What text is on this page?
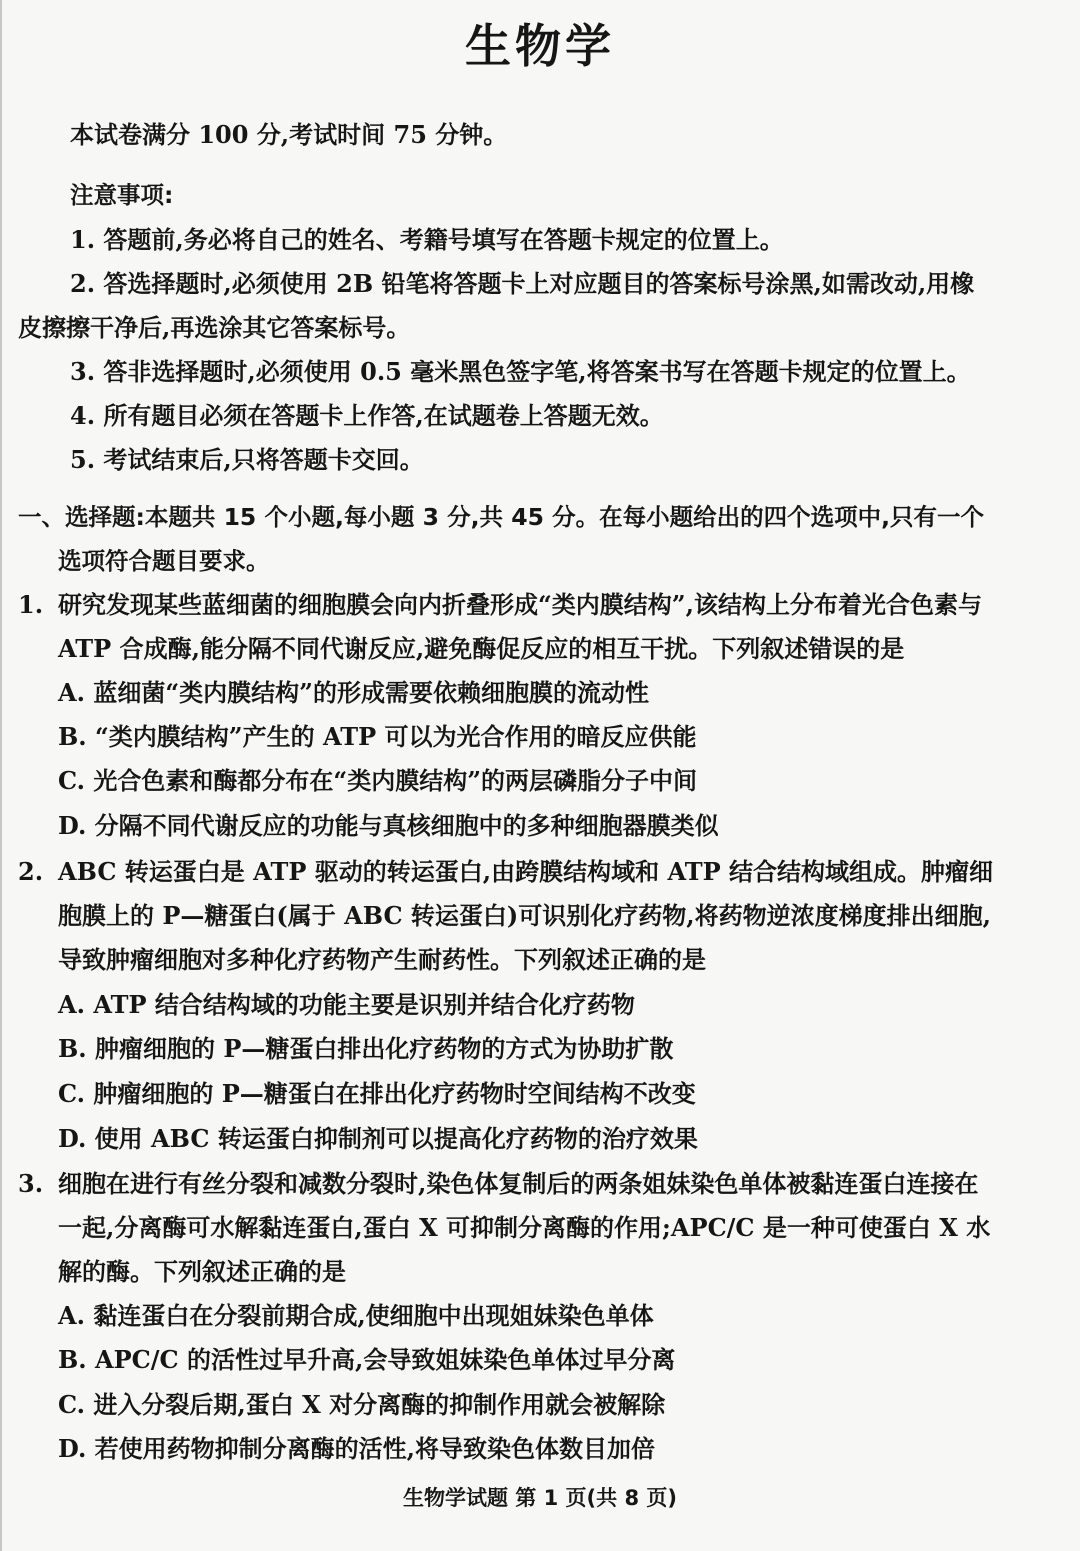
生物学

本试卷满分 100 分,考试时间 75 分钟。

注意事项:

1. 答题前,务必将自己的姓名、考籍号填写在答题卡规定的位置上。

2. 答选择题时,必须使用 2B 铅笔将答题卡上对应题目的答案标号涂黑,如需改动,用橡

皮擦擦干净后,再选涂其它答案标号。

3. 答非选择题时,必须使用 0.5 毫米黑色签字笔,将答案书写在答题卡规定的位置上。

4. 所有题目必须在答题卡上作答,在试题卷上答题无效。

5. 考试结束后,只将答题卡交回。

一、选择题:本题共 15 个小题,每小题 3 分,共 45 分。在每小题给出的四个选项中,只有一个

选项符合题目要求。

1. 研究发现某些蓝细菌的细胞膜会向内折叠形成“类内膜结构”,该结构上分布着光合色素与

ATP 合成酶,能分隔不同代谢反应,避免酶促反应的相互干扰。下列叙述错误的是

A. 蓝细菌“类内膜结构”的形成需要依赖细胞膜的流动性

B. “类内膜结构”产生的 ATP 可以为光合作用的暗反应供能

C. 光合色素和酶都分布在“类内膜结构”的两层磷脂分子中间

D. 分隔不同代谢反应的功能与真核细胞中的多种细胞器膜类似

2. ABC 转运蛋白是 ATP 驱动的转运蛋白,由跨膜结构域和 ATP 结合结构域组成。肿瘤细

胞膜上的 P—糖蛋白(属于 ABC 转运蛋白)可识别化疗药物,将药物逆浓度梯度排出细胞,

导致肿瘤细胞对多种化疗药物产生耐药性。下列叙述正确的是

A. ATP 结合结构域的功能主要是识别并结合化疗药物

B. 肿瘤细胞的 P—糖蛋白排出化疗药物的方式为协助扩散

C. 肿瘤细胞的 P—糖蛋白在排出化疗药物时空间结构不改变

D. 使用 ABC 转运蛋白抑制剂可以提高化疗药物的治疗效果

3. 细胞在进行有丝分裂和减数分裂时,染色体复制后的两条姐妹染色单体被黏连蛋白连接在

一起,分离酶可水解黏连蛋白,蛋白 X 可抑制分离酶的作用;APC/C 是一种可使蛋白 X 水

解的酶。下列叙述正确的是

A. 黏连蛋白在分裂前期合成,使细胞中出现姐妹染色单体

B. APC/C 的活性过早升高,会导致姐妹染色单体过早分离

C. 进入分裂后期,蛋白 X 对分离酶的抑制作用就会被解除

D. 若使用药物抑制分离酶的活性,将导致染色体数目加倍

生物学试题 第 1 页(共 8 页)
